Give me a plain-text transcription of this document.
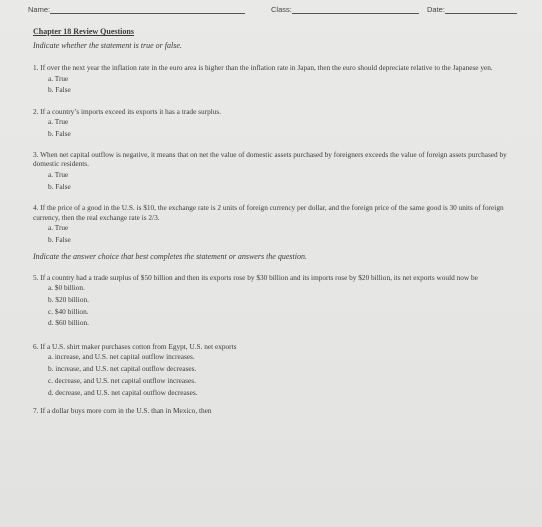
Name:	Class:	Date:
Chapter 18 Review Questions
Indicate whether the statement is true or false.

1. If over the next year the inflation rate in the euro area is higher than the inflation rate in Japan, then the euro should depreciate relative to the Japanese yen.

a. True
b. False

2. If a country’s imports exceed its exports it has a trade surplus.

a. True
b. False

3. When net capital outflow is negative, it means that on net the value of domestic assets purchased by foreigners exceeds the value of foreign assets purchased by domestic residents.

a. True
b. False

4. If the price of a good in the U.S. is $10, the exchange rate is 2 units of foreign currency per dollar, and the foreign price of the same good is 30 units of foreign currency, then the real exchange rate is 2/3.

a. True
b. False
Indicate the answer choice that best completes the statement or answers the question.

5. If a country had a trade surplus of $50 billion and then its exports rose by $30 billion and its imports rose by $20 billion, its net exports would now be

a. $0 billion.
b. $20 billion.
c. $40 billion.
d. $60 billion.

6. If a U.S. shirt maker purchases cotton from Egypt, U.S. net exports

a. increase, and U.S. net capital outflow increases.
b. increase, and U.S. net capital outflow decreases.
c. decrease, and U.S. net capital outflow increases.
d. decrease, and U.S. net capital outflow decreases.

7. If a dollar buys more corn in the U.S. than in Mexico, then
